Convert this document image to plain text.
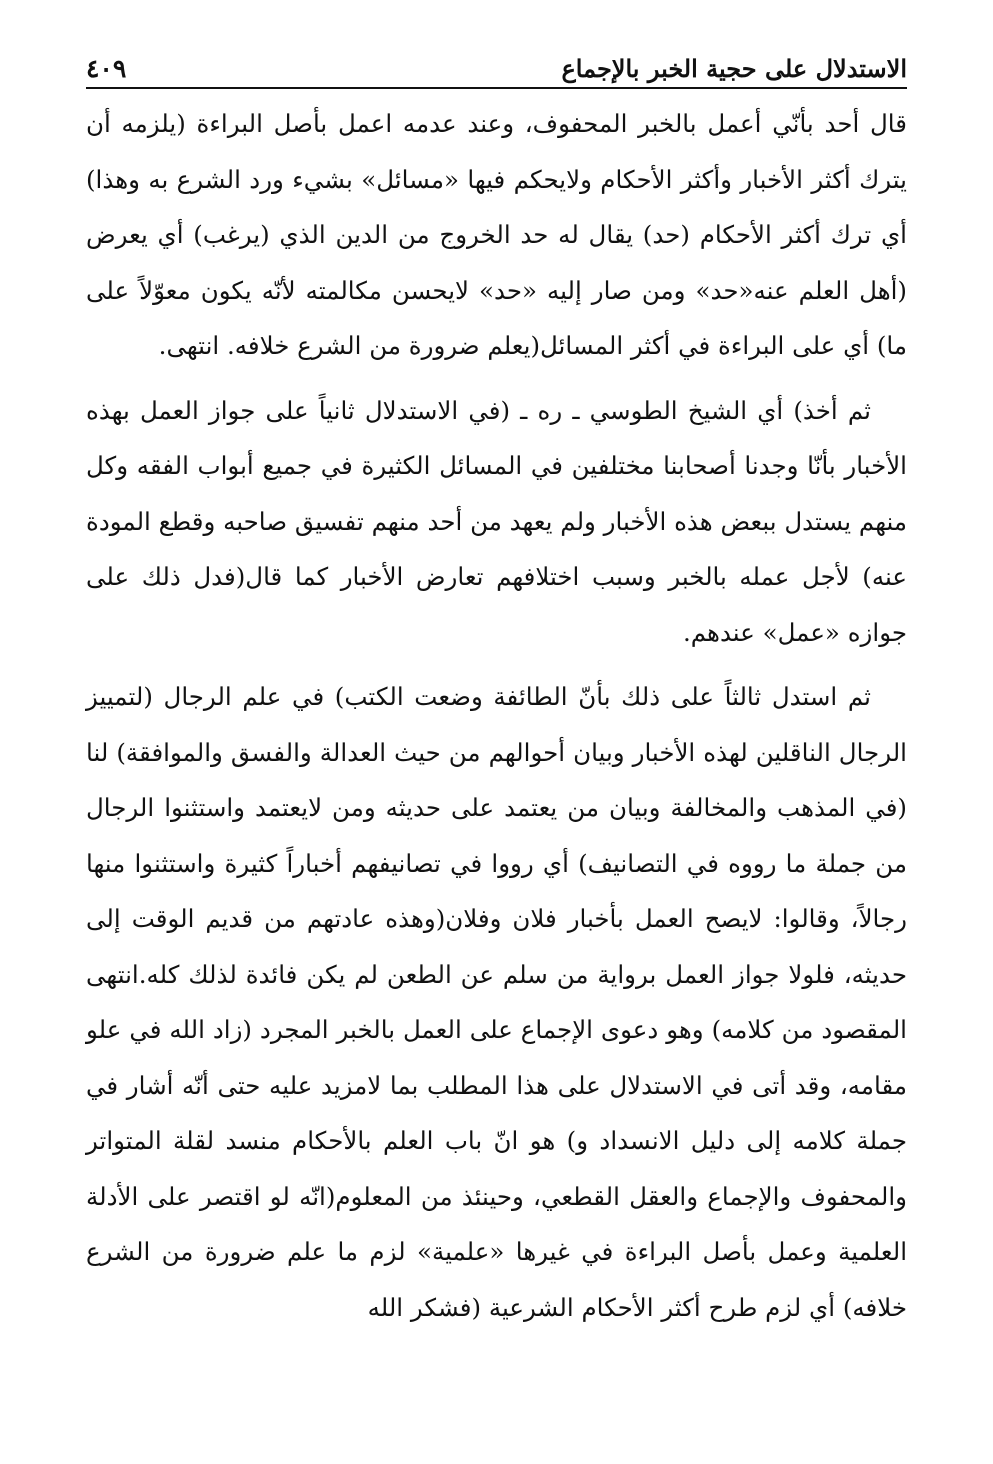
الاستدلال على حجية الخبر بالإجماع
٤٠٩

قال أحد بأنّي أعمل بالخبر المحفوف، وعند عدمه اعمل بأصل البراءة (يلزمه أن يترك أكثر الأخبار وأكثر الأحكام ولايحكم فيها «مسائل» بشيء ورد الشرع به وهذا) أي ترك أكثر الأحكام (حد) يقال له حد الخروج من الدين الذي (يرغب) أي يعرض (أهل العلم عنه«حد» ومن صار إليه «حد» لايحسن مكالمته لأنّه يكون معوّلاً على ما) أي على البراءة في أكثر المسائل(يعلم ضرورة من الشرع خلافه. انتهى.

ثم أخذ) أي الشيخ الطوسي ـ ره ـ (في الاستدلال ثانياً على جواز العمل بهذه الأخبار بأنّا وجدنا أصحابنا مختلفين في المسائل الكثيرة في جميع أبواب الفقه وكل منهم يستدل ببعض هذه الأخبار ولم يعهد من أحد منهم تفسيق صاحبه وقطع المودة عنه) لأجل عمله بالخبر وسبب اختلافهم تعارض الأخبار كما قال(فدل ذلك على جوازه «عمل» عندهم.

ثم استدل ثالثاً على ذلك بأنّ الطائفة وضعت الكتب) في علم الرجال (لتمييز الرجال الناقلين لهذه الأخبار وبيان أحوالهم من حيث العدالة والفسق والموافقة) لنا (في المذهب والمخالفة وبيان من يعتمد على حديثه ومن لايعتمد واستثنوا الرجال من جملة ما رووه في التصانيف) أي رووا في تصانيفهم أخباراً كثيرة واستثنوا منها رجالاً، وقالوا: لايصح العمل بأخبار فلان وفلان(وهذه عادتهم من قديم الوقت إلى حديثه، فلولا جواز العمل برواية من سلم عن الطعن لم يكن فائدة لذلك كله.انتهى المقصود من كلامه) وهو دعوى الإجماع على العمل بالخبر المجرد (زاد الله في علو مقامه، وقد أتى في الاستدلال على هذا المطلب بما لامزيد عليه حتى أنّه أشار في جملة كلامه إلى دليل الانسداد و) هو انّ باب العلم بالأحكام منسد لقلة المتواتر والمحفوف والإجماع والعقل القطعي، وحينئذ من المعلوم(انّه لو اقتصر على الأدلة العلمية وعمل بأصل البراءة في غيرها «علمية» لزم ما علم ضرورة من الشرع خلافه) أي لزم طرح أكثر الأحكام الشرعية (فشكر الله
